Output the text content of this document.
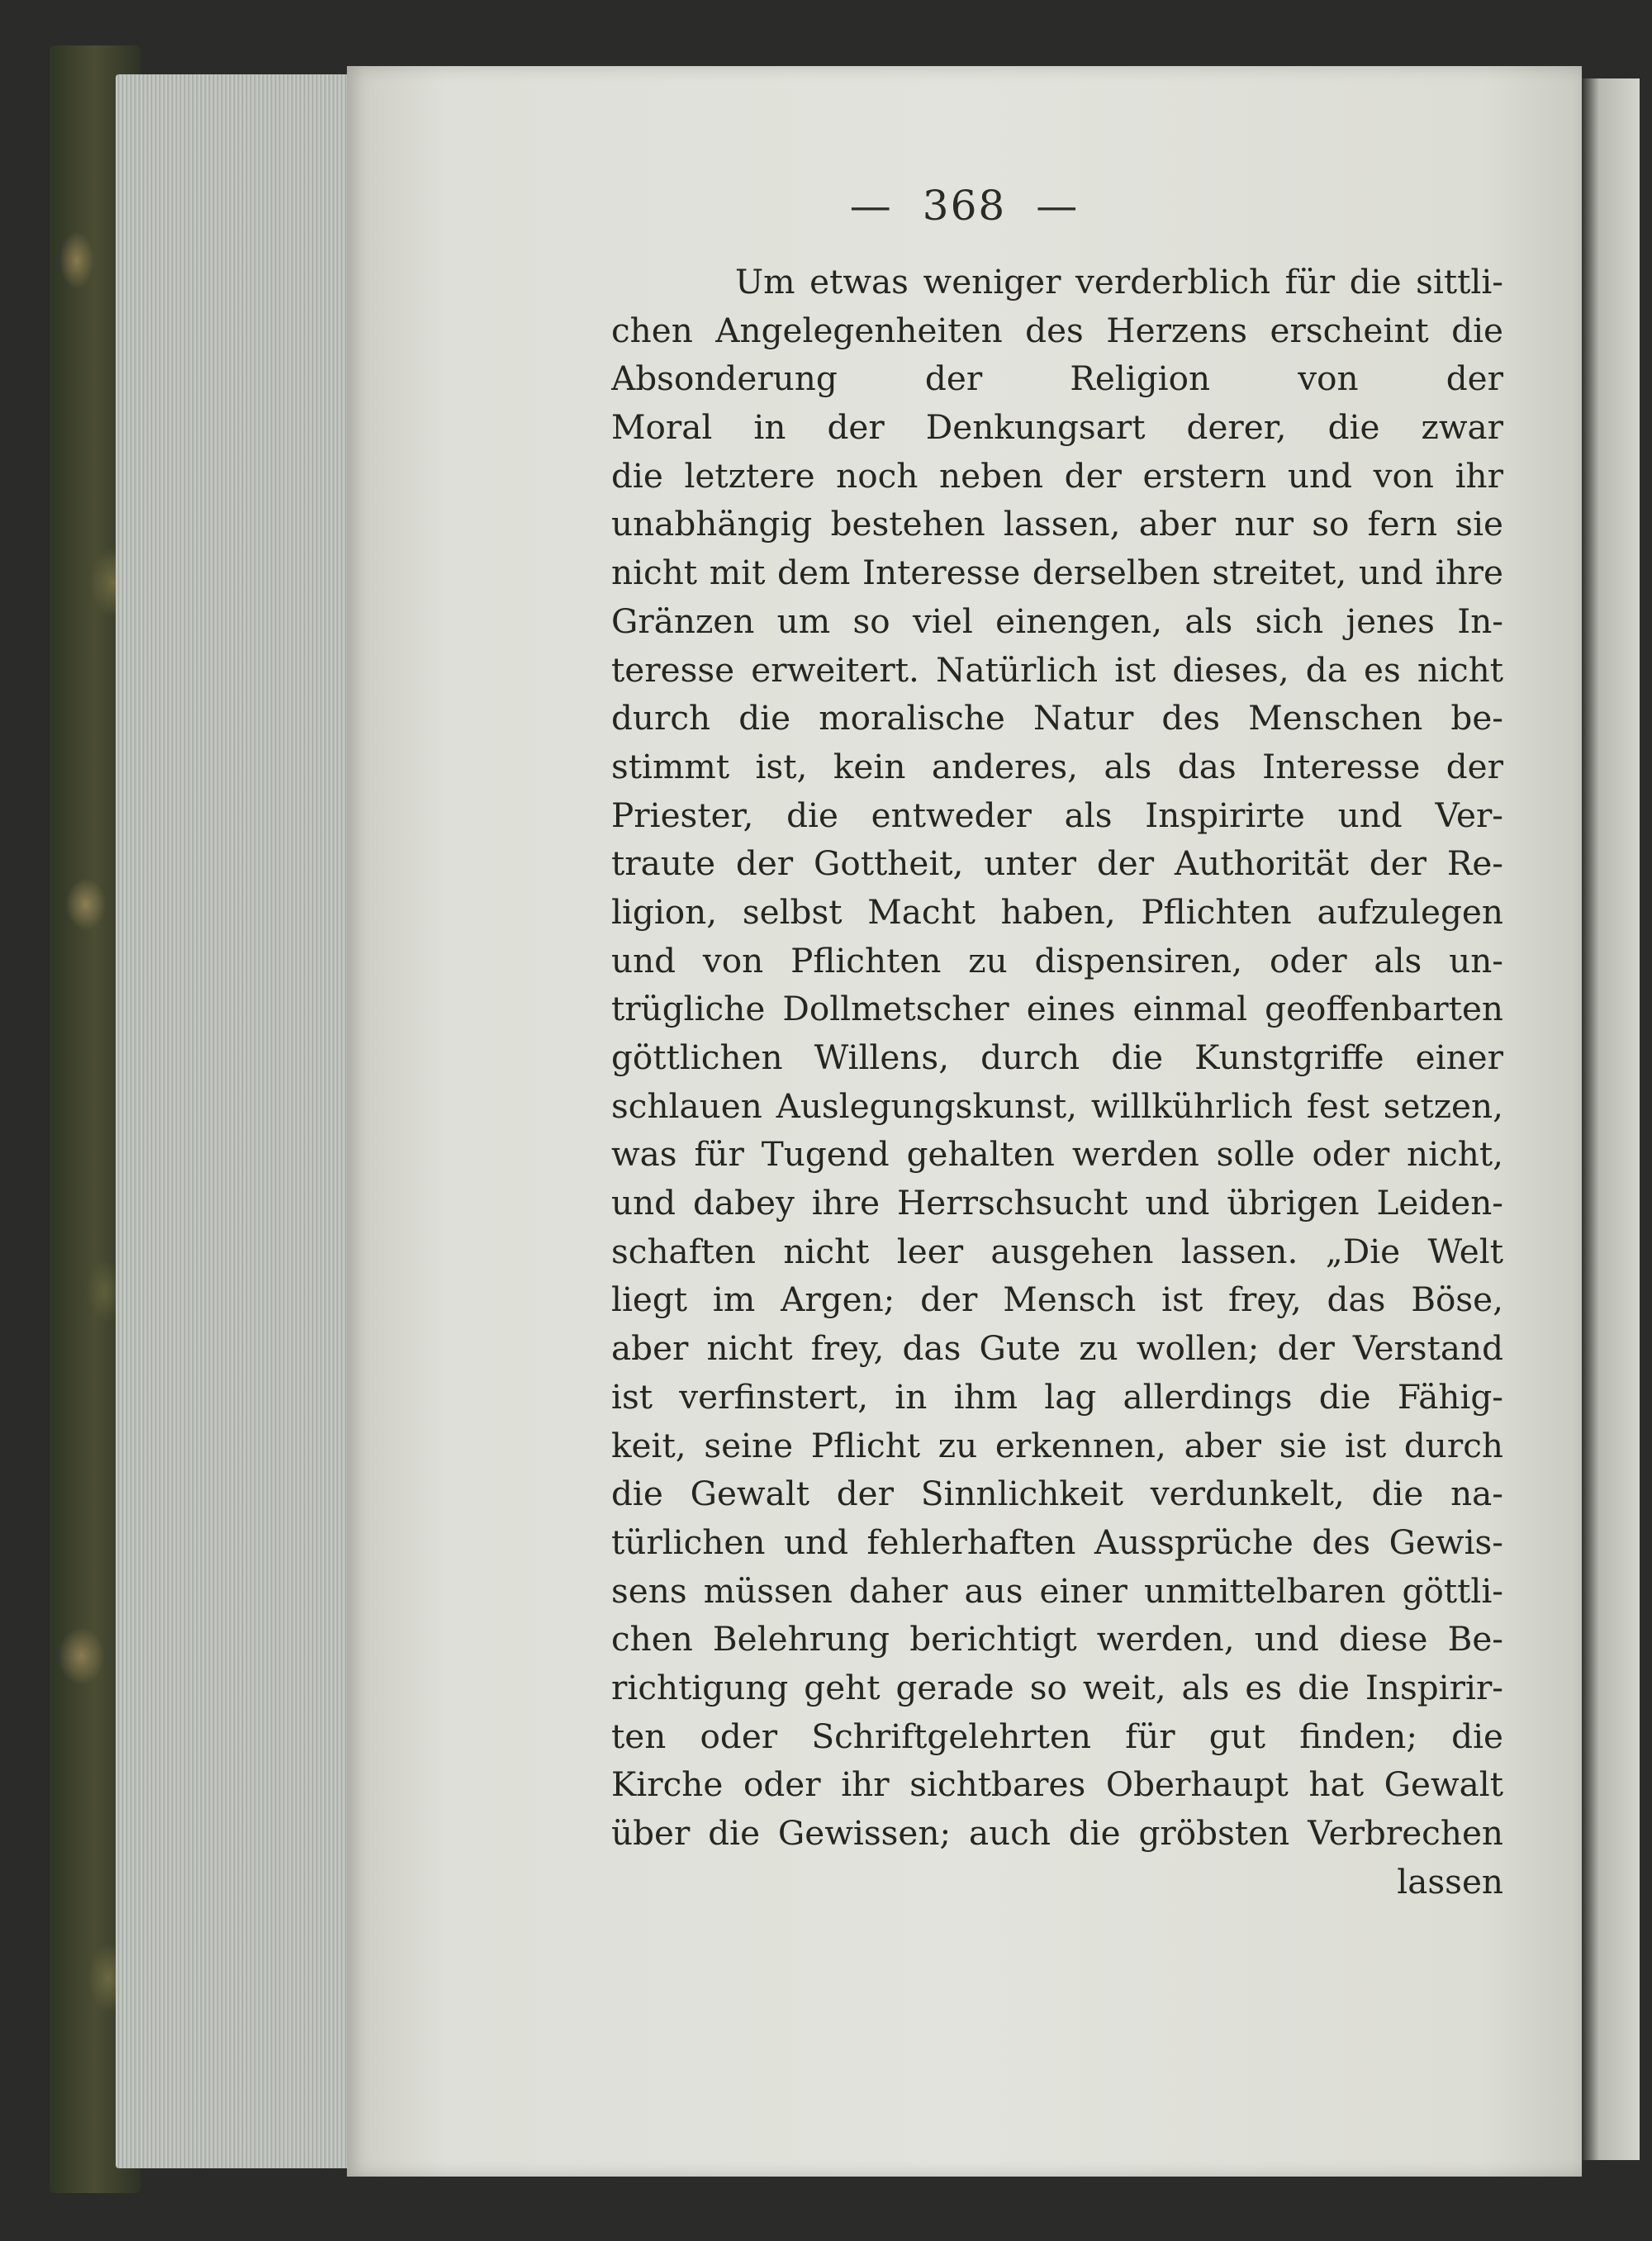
— 368 —
Um etwas weniger verderblich für die sittli-
chen Angelegenheiten des Herzens erscheint die
Absonderung der Religion von der
Moral in der Denkungsart derer, die zwar
die letztere noch neben der erstern und von ihr
unabhängig bestehen lassen, aber nur so fern sie
nicht mit dem Interesse derselben streitet, und ihre
Gränzen um so viel einengen, als sich jenes In-
teresse erweitert. Natürlich ist dieses, da es nicht
durch die moralische Natur des Menschen be-
stimmt ist, kein anderes, als das Interesse der
Priester, die entweder als Inspirirte und Ver-
traute der Gottheit, unter der Authorität der Re-
ligion, selbst Macht haben, Pflichten aufzulegen
und von Pflichten zu dispensiren, oder als un-
trügliche Dollmetscher eines einmal geoffenbarten
göttlichen Willens, durch die Kunstgriffe einer
schlauen Auslegungskunst, willkührlich fest setzen,
was für Tugend gehalten werden solle oder nicht,
und dabey ihre Herrschsucht und übrigen Leiden-
schaften nicht leer ausgehen lassen. „Die Welt
liegt im Argen; der Mensch ist frey, das Böse,
aber nicht frey, das Gute zu wollen; der Verstand
ist verfinstert, in ihm lag allerdings die Fähig-
keit, seine Pflicht zu erkennen, aber sie ist durch
die Gewalt der Sinnlichkeit verdunkelt, die na-
türlichen und fehlerhaften Aussprüche des Gewis-
sens müssen daher aus einer unmittelbaren göttli-
chen Belehrung berichtigt werden, und diese Be-
richtigung geht gerade so weit, als es die Inspirir-
ten oder Schriftgelehrten für gut finden; die
Kirche oder ihr sichtbares Oberhaupt hat Gewalt
über die Gewissen; auch die gröbsten Verbrechen
lassen
